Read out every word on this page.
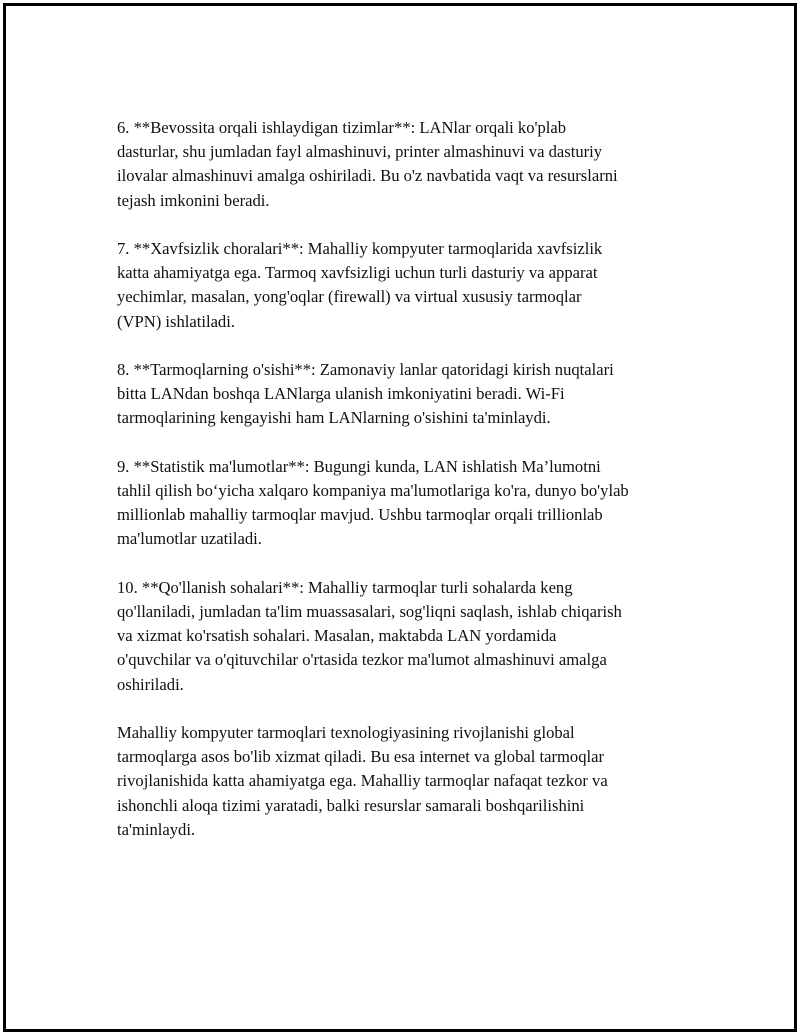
6. **Bevossita orqali ishlaydigan tizimlar**: LANlar orqali ko'plab
dasturlar, shu jumladan fayl almashinuvi, printer almashinuvi va dasturiy
ilovalar almashinuvi amalga oshiriladi. Bu o'z navbatida vaqt va resurslarni
tejash imkonini beradi.

7. **Xavfsizlik choralari**: Mahalliy kompyuter tarmoqlarida xavfsizlik
katta ahamiyatga ega. Tarmoq xavfsizligi uchun turli dasturiy va apparat
yechimlar, masalan, yong'oqlar (firewall) va virtual xususiy tarmoqlar
(VPN) ishlatiladi.

8. **Tarmoqlarning o'sishi**: Zamonaviy lanlar qatoridagi kirish nuqtalari
bitta LANdan boshqa LANlarga ulanish imkoniyatini beradi. Wi-Fi
tarmoqlarining kengayishi ham LANlarning o'sishini ta'minlaydi.

9. **Statistik ma'lumotlar**: Bugungi kunda, LAN ishlatish Ma’lumotni
tahlil qilish bo‘yicha xalqaro kompaniya ma'lumotlariga ko'ra, dunyo bo'ylab
millionlab mahalliy tarmoqlar mavjud. Ushbu tarmoqlar orqali trillionlab
ma'lumotlar uzatiladi.

10. **Qo'llanish sohalari**: Mahalliy tarmoqlar turli sohalarda keng
qo'llaniladi, jumladan ta'lim muassasalari, sog'liqni saqlash, ishlab chiqarish
va xizmat ko'rsatish sohalari. Masalan, maktabda LAN yordamida
o'quvchilar va o'qituvchilar o'rtasida tezkor ma'lumot almashinuvi amalga
oshiriladi.

Mahalliy kompyuter tarmoqlari texnologiyasining rivojlanishi global
tarmoqlarga asos bo'lib xizmat qiladi. Bu esa internet va global tarmoqlar
rivojlanishida katta ahamiyatga ega. Mahalliy tarmoqlar nafaqat tezkor va
ishonchli aloqa tizimi yaratadi, balki resurslar samarali boshqarilishini
ta'minlaydi.
